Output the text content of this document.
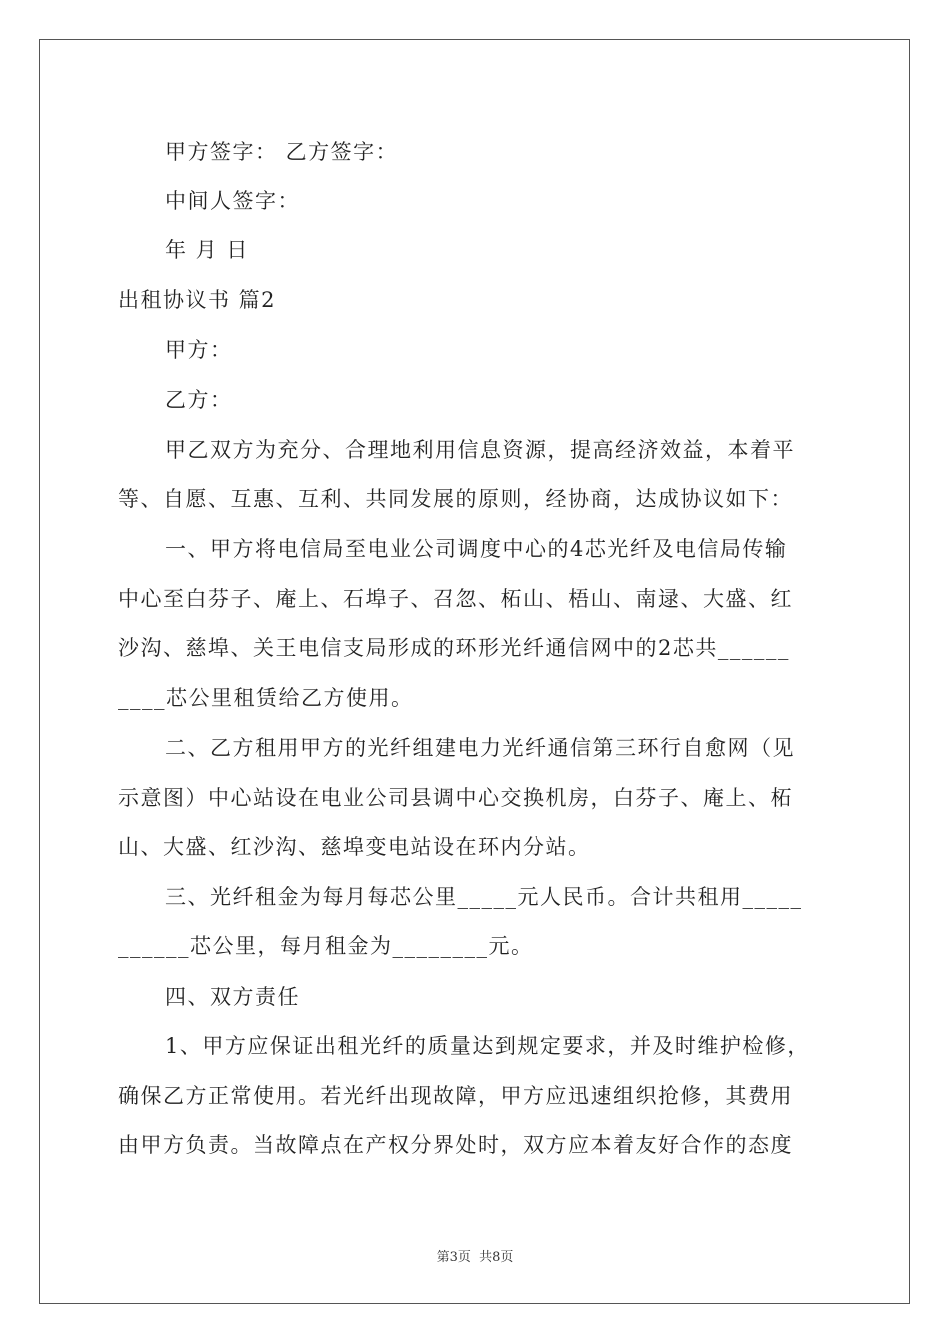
甲方签字： 乙方签字：
中间人签字：
年 月 日
出租协议书 篇2
甲方：
乙方：
甲乙双方为充分、合理地利用信息资源，提高经济效益，本着平
等、自愿、互惠、互利、共同发展的原则，经协商，达成协议如下：
一、甲方将电信局至电业公司调度中心的4芯光纤及电信局传输
中心至白芬子、庵上、石埠子、召忽、柘山、梧山、南逯、大盛、红
沙沟、慈埠、关王电信支局形成的环形光纤通信网中的2芯共______
____芯公里租赁给乙方使用。
二、乙方租用甲方的光纤组建电力光纤通信第三环行自愈网（见
示意图）中心站设在电业公司县调中心交换机房，白芬子、庵上、柘
山、大盛、红沙沟、慈埠变电站设在环内分站。
三、光纤租金为每月每芯公里_____元人民币。合计共租用_____
______芯公里，每月租金为________元。
四、双方责任
1、甲方应保证出租光纤的质量达到规定要求，并及时维护检修，
确保乙方正常使用。若光纤出现故障，甲方应迅速组织抢修，其费用
由甲方负责。当故障点在产权分界处时，双方应本着友好合作的态度
第3页 共8页
